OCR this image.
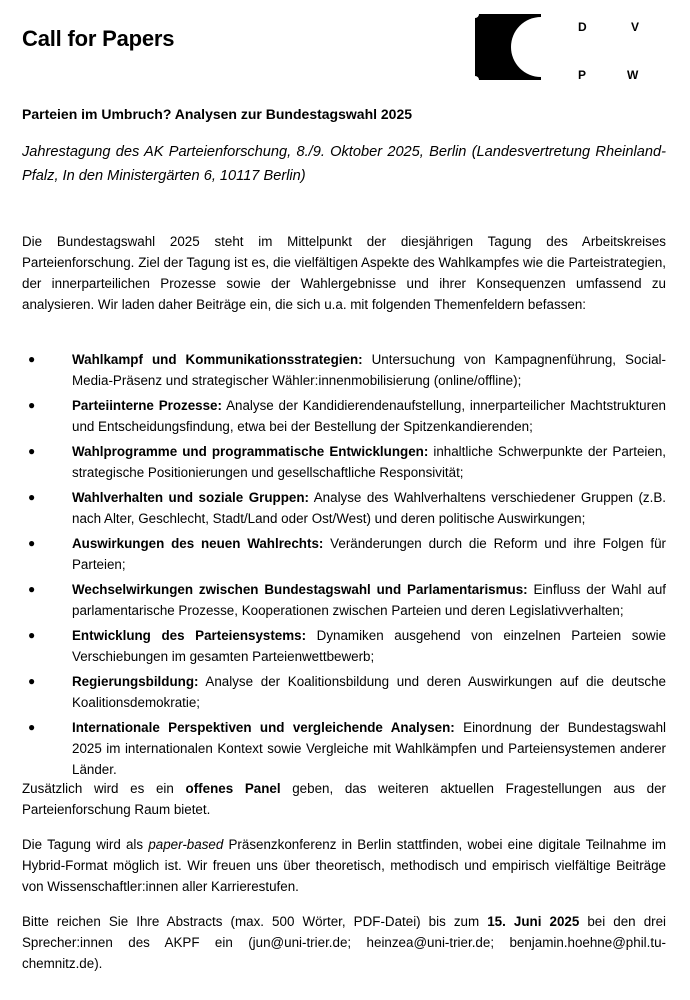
Call for Papers	D	V
P	W
Parteien im Umbruch? Analysen zur Bundestagswahl 2025
Jahrestagung des AK Parteienforschung, 8./9. Oktober 2025, Berlin (Landesvertretung Rheinland-Pfalz, In den Ministergärten 6, 10117 Berlin)
Die Bundestagswahl 2025 steht im Mittelpunkt der diesjährigen Tagung des Arbeitskreises Parteienforschung. Ziel der Tagung ist es, die vielfältigen Aspekte des Wahlkampfes wie die Parteistrategien, der innerparteilichen Prozesse sowie der Wahlergebnisse und ihrer Konsequenzen umfassend zu analysieren. Wir laden daher Beiträge ein, die sich u.a. mit folgenden Themenfeldern befassen:
●	Wahlkampf und Kommunikationsstrategien: Untersuchung von Kampagnenführung, Social-Media-Präsenz und strategischer Wähler:innenmobilisierung (online/offline);
●	Parteiinterne Prozesse: Analyse der Kandidierendenaufstellung, innerparteilicher Machtstrukturen und Entscheidungsfindung, etwa bei der Bestellung der Spitzenkandierenden;
●	Wahlprogramme und programmatische Entwicklungen: inhaltliche Schwerpunkte der Parteien, strategische Positionierungen und gesellschaftliche Responsivität;
●	Wahlverhalten und soziale Gruppen: Analyse des Wahlverhaltens verschiedener Gruppen (z.B. nach Alter, Geschlecht, Stadt/Land oder Ost/West) und deren politische Auswirkungen;
●	Auswirkungen des neuen Wahlrechts: Veränderungen durch die Reform und ihre Folgen für Parteien;
●	Wechselwirkungen zwischen Bundestagswahl und Parlamentarismus: Einfluss der Wahl auf parlamentarische Prozesse, Kooperationen zwischen Parteien und deren Legislativverhalten;
●	Entwicklung des Parteiensystems: Dynamiken ausgehend von einzelnen Parteien sowie Verschiebungen im gesamten Parteienwettbewerb;
●	Regierungsbildung: Analyse der Koalitionsbildung und deren Auswirkungen auf die deutsche Koalitionsdemokratie;
●	Internationale Perspektiven und vergleichende Analysen: Einordnung der Bundestagswahl 2025 im internationalen Kontext sowie Vergleiche mit Wahlkämpfen und Parteiensystemen anderer Länder.
Zusätzlich wird es ein offenes Panel geben, das weiteren aktuellen Fragestellungen aus der Parteienforschung Raum bietet.
Die Tagung wird als paper-based Präsenzkonferenz in Berlin stattfinden, wobei eine digitale Teilnahme im Hybrid-Format möglich ist. Wir freuen uns über theoretisch, methodisch und empirisch vielfältige Beiträge von Wissenschaftler:innen aller Karrierestufen.
Bitte reichen Sie Ihre Abstracts (max. 500 Wörter, PDF-Datei) bis zum 15. Juni 2025 bei den drei Sprecher:innen des AKPF ein (jun@uni-trier.de; heinzea@uni-trier.de; benjamin.hoehne@phil.tu-chemnitz.de).
